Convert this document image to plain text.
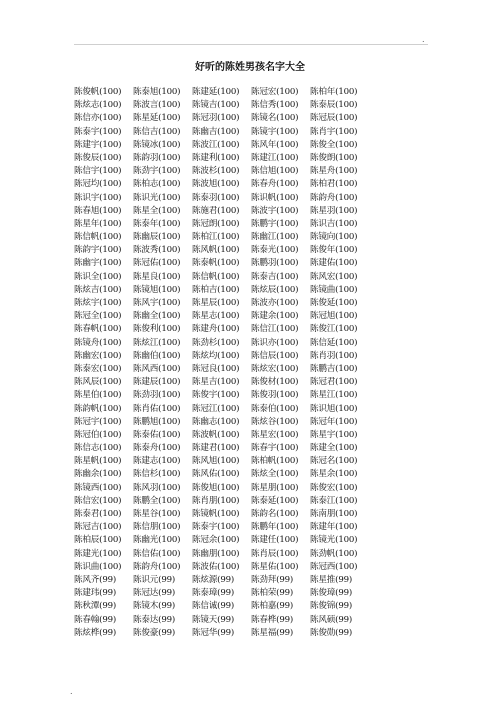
.
好听的陈姓男孩名字大全
陈俊帆(100)	陈泰旭(100)	陈建延(100)	陈冠宏(100)	陈柏年(100)
陈炫志(100)	陈波言(100)	陈镜吉(100)	陈信秀(100)	陈泰辰(100)
陈信亦(100)	陈星延(100)	陈冠羽(100)	陈镜名(100)	陈冠辰(100)
陈泰宇(100)	陈信吉(100)	陈幽吉(100)	陈镜宇(100)	陈肖宇(100)
陈建宇(100)	陈镜冰(100)	陈波江(100)	陈风年(100)	陈俊全(100)
陈俊辰(100)	陈韵羽(100)	陈建利(100)	陈建江(100)	陈俊朗(100)
陈信宇(100)	陈劲宇(100)	陈波杉(100)	陈信旭(100)	陈星舟(100)
陈冠均(100)	陈柏志(100)	陈波旭(100)	陈春舟(100)	陈柏君(100)
陈识宇(100)	陈识光(100)	陈泰羽(100)	陈识帆(100)	陈韵舟(100)
陈春旭(100)	陈星全(100)	陈施君(100)	陈波宇(100)	陈星羽(100)
陈星年(100)	陈泰年(100)	陈冠朗(100)	陈鹏宇(100)	陈识吉(100)
陈信帆(100)	陈幽辰(100)	陈柏江(100)	陈幽江(100)	陈镜向(100)
陈韵宇(100)	陈波秀(100)	陈风帆(100)	陈泰光(100)	陈俊年(100)
陈幽宇(100)	陈冠佑(100)	陈泰帆(100)	陈鹏羽(100)	陈建佑(100)
陈识全(100)	陈星良(100)	陈信帆(100)	陈泰吉(100)	陈风宏(100)
陈炫吉(100)	陈镜旭(100)	陈柏吉(100)	陈炫辰(100)	陈镜曲(100)
陈炫宇(100)	陈风宇(100)	陈星辰(100)	陈波亦(100)	陈俊延(100)
陈冠全(100)	陈幽全(100)	陈星志(100)	陈建余(100)	陈冠旭(100)
陈春帆(100)	陈俊利(100)	陈建舟(100)	陈信江(100)	陈俊江(100)
陈镜舟(100)	陈炫江(100)	陈劲杉(100)	陈识亦(100)	陈信延(100)
陈幽宏(100)	陈幽伯(100)	陈炫均(100)	陈信辰(100)	陈肖羽(100)
陈泰宏(100)	陈风西(100)	陈冠良(100)	陈炫宏(100)	陈鹏吉(100)
陈风辰(100)	陈建辰(100)	陈星吉(100)	陈俊材(100)	陈冠君(100)
陈星伯(100)	陈劲羽(100)	陈俊宇(100)	陈俊羽(100)	陈星江(100)
陈韵帆(100)	陈肖佑(100)	陈冠江(100)	陈泰伯(100)	陈识旭(100)
陈冠宇(100)	陈鹏旭(100)	陈幽志(100)	陈炫谷(100)	陈冠年(100)
陈冠伯(100)	陈泰佑(100)	陈波帆(100)	陈星宏(100)	陈星宇(100)
陈信志(100)	陈泰舟(100)	陈建君(100)	陈春宇(100)	陈建全(100)
陈星帆(100)	陈建志(100)	陈风旭(100)	陈柏帆(100)	陈冠名(100)
陈幽余(100)	陈信杉(100)	陈风佑(100)	陈炫全(100)	陈星余(100)
陈镜西(100)	陈风羽(100)	陈俊旭(100)	陈星朋(100)	陈俊宏(100)
陈信宏(100)	陈鹏全(100)	陈肖朋(100)	陈泰延(100)	陈泰江(100)
陈泰君(100)	陈星谷(100)	陈镜帆(100)	陈韵名(100)	陈南朋(100)
陈冠吉(100)	陈信朋(100)	陈泰宇(100)	陈鹏年(100)	陈建年(100)
陈柏辰(100)	陈幽光(100)	陈冠余(100)	陈建任(100)	陈镜光(100)
陈建光(100)	陈信佑(100)	陈幽朋(100)	陈肖辰(100)	陈劲帆(100)
陈识曲(100)	陈韵舟(100)	陈波佑(100)	陈星佑(100)	陈冠西(100)
陈风齐(99)	陈识元(99)	陈炫源(99)	陈劲拜(99)	陈星推(99)
陈建玮(99)	陈冠达(99)	陈泰璋(99)	陈柏荣(99)	陈俊璋(99)
陈秋潭(99)	陈镜木(99)	陈信诚(99)	陈柏嘉(99)	陈俊锦(99)
陈春翰(99)	陈泰达(99)	陈镜天(99)	陈春桦(99)	陈风硕(99)
陈炫桦(99)	陈俊豪(99)	陈冠华(99)	陈星福(99)	陈俊勋(99)
.
